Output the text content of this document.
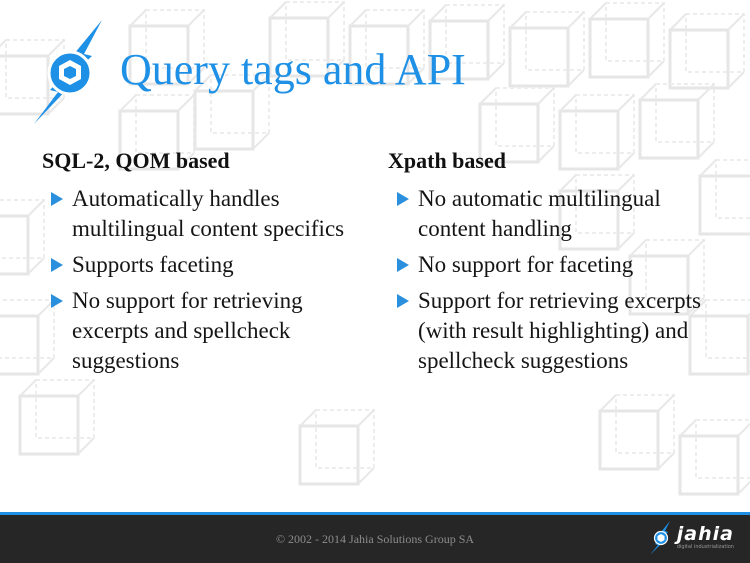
Query tags and API
SQL-2, QOM based
Automatically handles multilingual content specifics
Supports faceting
No support for retrieving excerpts and spellcheck suggestions
Xpath based
No automatic multilingual content handling
No support for faceting
Support for retrieving excerpts (with result highlighting) and spellcheck suggestions
© 2002 - 2014 Jahia Solutions Group SA	jahia
digital industrialization
